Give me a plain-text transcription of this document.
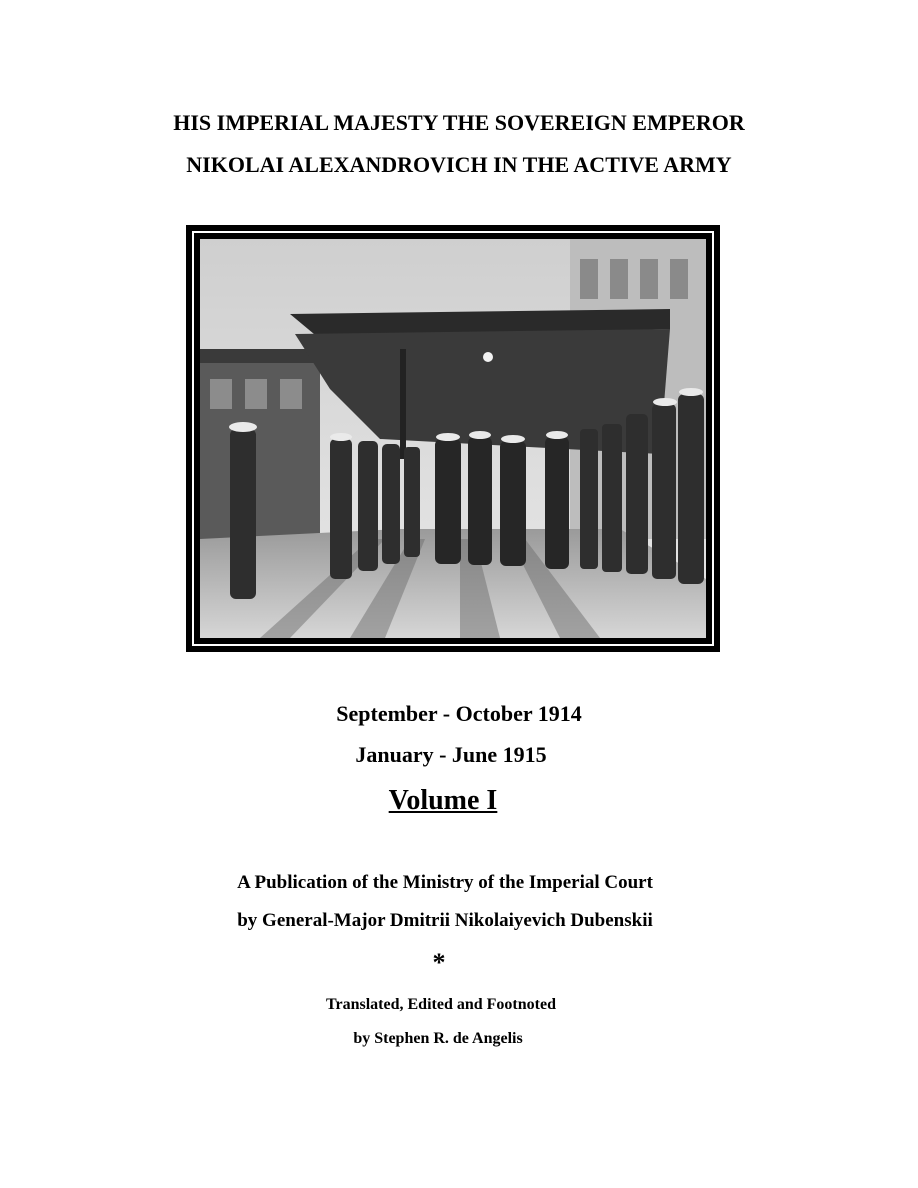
HIS IMPERIAL MAJESTY THE SOVEREIGN EMPEROR
NIKOLAI ALEXANDROVICH IN THE ACTIVE ARMY
September - October 1914
January - June 1915
Volume I
A Publication of the Ministry of the Imperial Court
by General-Major Dmitrii Nikolaiyevich Dubenskii
*
Translated, Edited and Footnoted
by Stephen R. de Angelis
